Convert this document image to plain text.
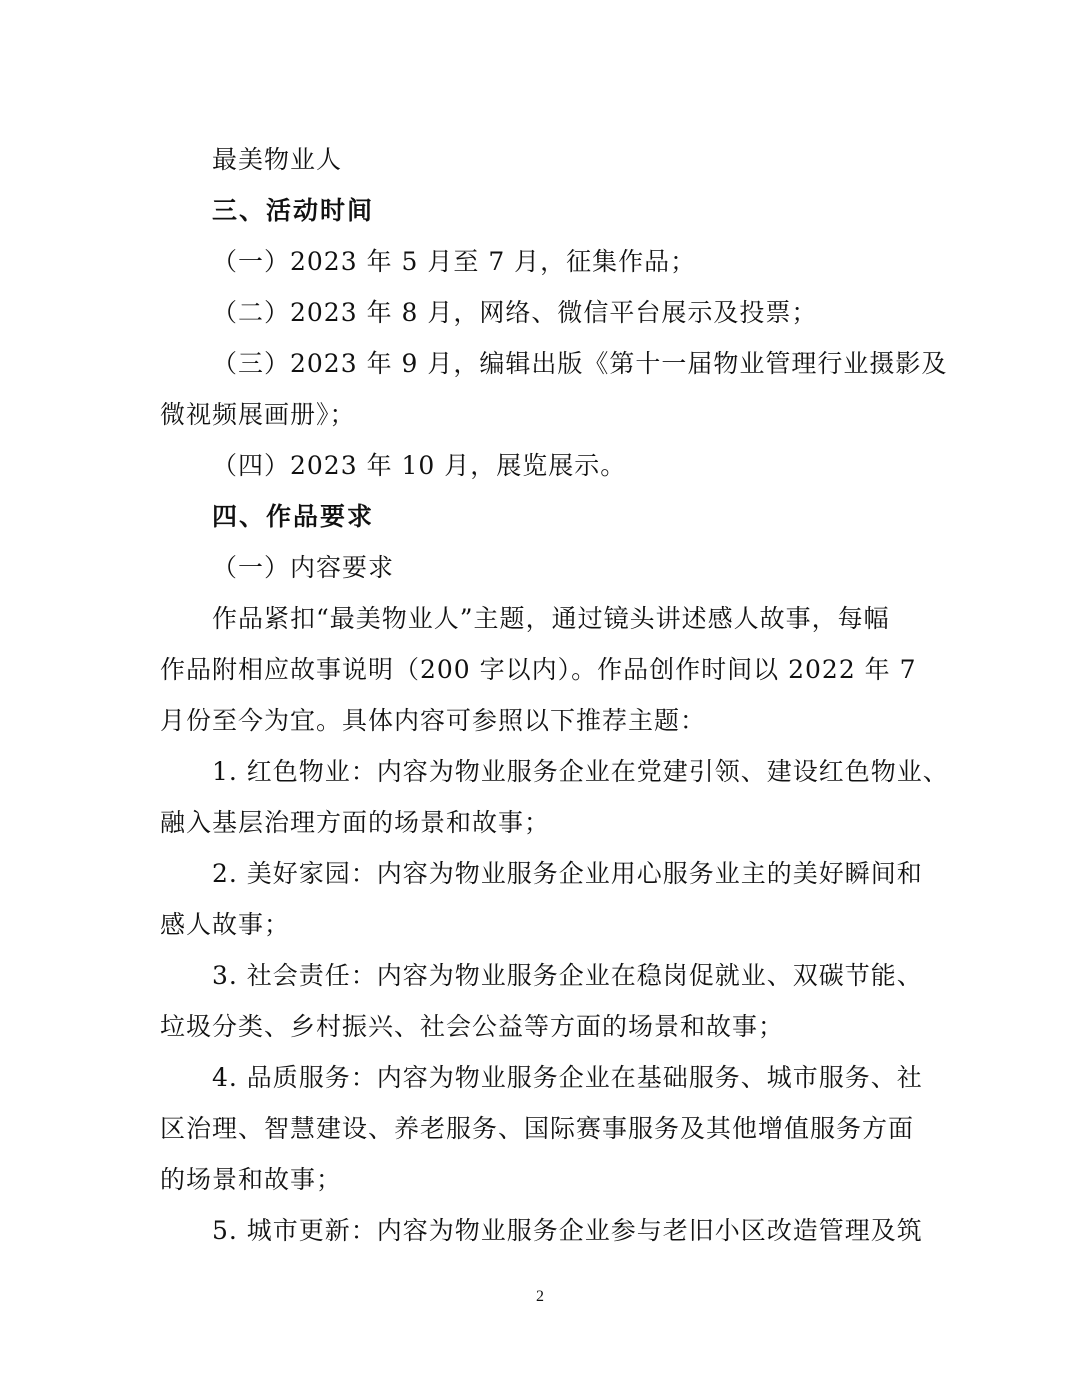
最美物业人
三、活动时间
（一）2023 年 5 月至 7 月，征集作品；
（二）2023 年 8 月，网络、微信平台展示及投票；
（三）2023 年 9 月，编辑出版《第十一届物业管理行业摄影及
微视频展画册》；
（四）2023 年 10 月，展览展示。
四、作品要求
（一）内容要求
作品紧扣“最美物业人”主题，通过镜头讲述感人故事，每幅
作品附相应故事说明（200 字以内）。作品创作时间以 2022 年 7
月份至今为宜。具体内容可参照以下推荐主题：
1. 红色物业：内容为物业服务企业在党建引领、建设红色物业、
融入基层治理方面的场景和故事；
2. 美好家园：内容为物业服务企业用心服务业主的美好瞬间和
感人故事；
3. 社会责任：内容为物业服务企业在稳岗促就业、双碳节能、
垃圾分类、乡村振兴、社会公益等方面的场景和故事；
4. 品质服务：内容为物业服务企业在基础服务、城市服务、社
区治理、智慧建设、养老服务、国际赛事服务及其他增值服务方面
的场景和故事；
5. 城市更新：内容为物业服务企业参与老旧小区改造管理及筑
2
